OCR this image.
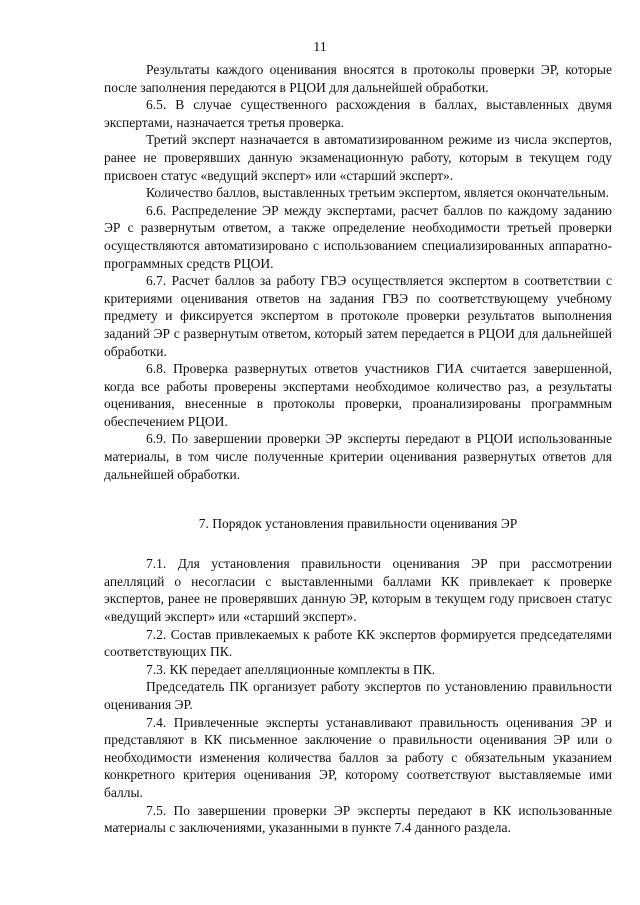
11

Результаты каждого оценивания вносятся в протоколы проверки ЭР, которые после заполнения передаются в РЦОИ для дальнейшей обработки.

6.5. В случае существенного расхождения в баллах, выставленных двумя экспертами, назначается третья проверка.

Третий эксперт назначается в автоматизированном режиме из числа экспертов, ранее не проверявших данную экзаменационную работу, которым в текущем году присвоен статус «ведущий эксперт» или «старший эксперт».

Количество баллов, выставленных третьим экспертом, является окончательным.

6.6. Распределение ЭР между экспертами, расчет баллов по каждому заданию ЭР с развернутым ответом, а также определение необходимости третьей проверки осуществляются автоматизировано с использованием специализированных аппаратно-программных средств РЦОИ.

6.7. Расчет баллов за работу ГВЭ осуществляется экспертом в соответствии с критериями оценивания ответов на задания ГВЭ по соответствующему учебному предмету и фиксируется экспертом в протоколе проверки результатов выполнения заданий ЭР с развернутым ответом, который затем передается в РЦОИ для дальнейшей обработки.

6.8. Проверка развернутых ответов участников ГИА считается завершенной, когда все работы проверены экспертами необходимое количество раз, а результаты оценивания, внесенные в протоколы проверки, проанализированы программным обеспечением РЦОИ.

6.9. По завершении проверки ЭР эксперты передают в РЦОИ использованные материалы, в том числе полученные критерии оценивания развернутых ответов для дальнейшей обработки.

7. Порядок установления правильности оценивания ЭР

7.1. Для установления правильности оценивания ЭР при рассмотрении апелляций о несогласии с выставленными баллами КК привлекает к проверке экспертов, ранее не проверявших данную ЭР, которым в текущем году присвоен статус «ведущий эксперт» или «старший эксперт».

7.2. Состав привлекаемых к работе КК экспертов формируется председателями соответствующих ПК.

7.3. КК передает апелляционные комплекты в ПК.

Председатель ПК организует работу экспертов по установлению правильности оценивания ЭР.

7.4. Привлеченные эксперты устанавливают правильность оценивания ЭР и представляют в КК письменное заключение о правильности оценивания ЭР или о необходимости изменения количества баллов за работу с обязательным указанием конкретного критерия оценивания ЭР, которому соответствуют выставляемые ими баллы.

7.5. По завершении проверки ЭР эксперты передают в КК использованные материалы с заключениями, указанными в пункте 7.4 данного раздела.
